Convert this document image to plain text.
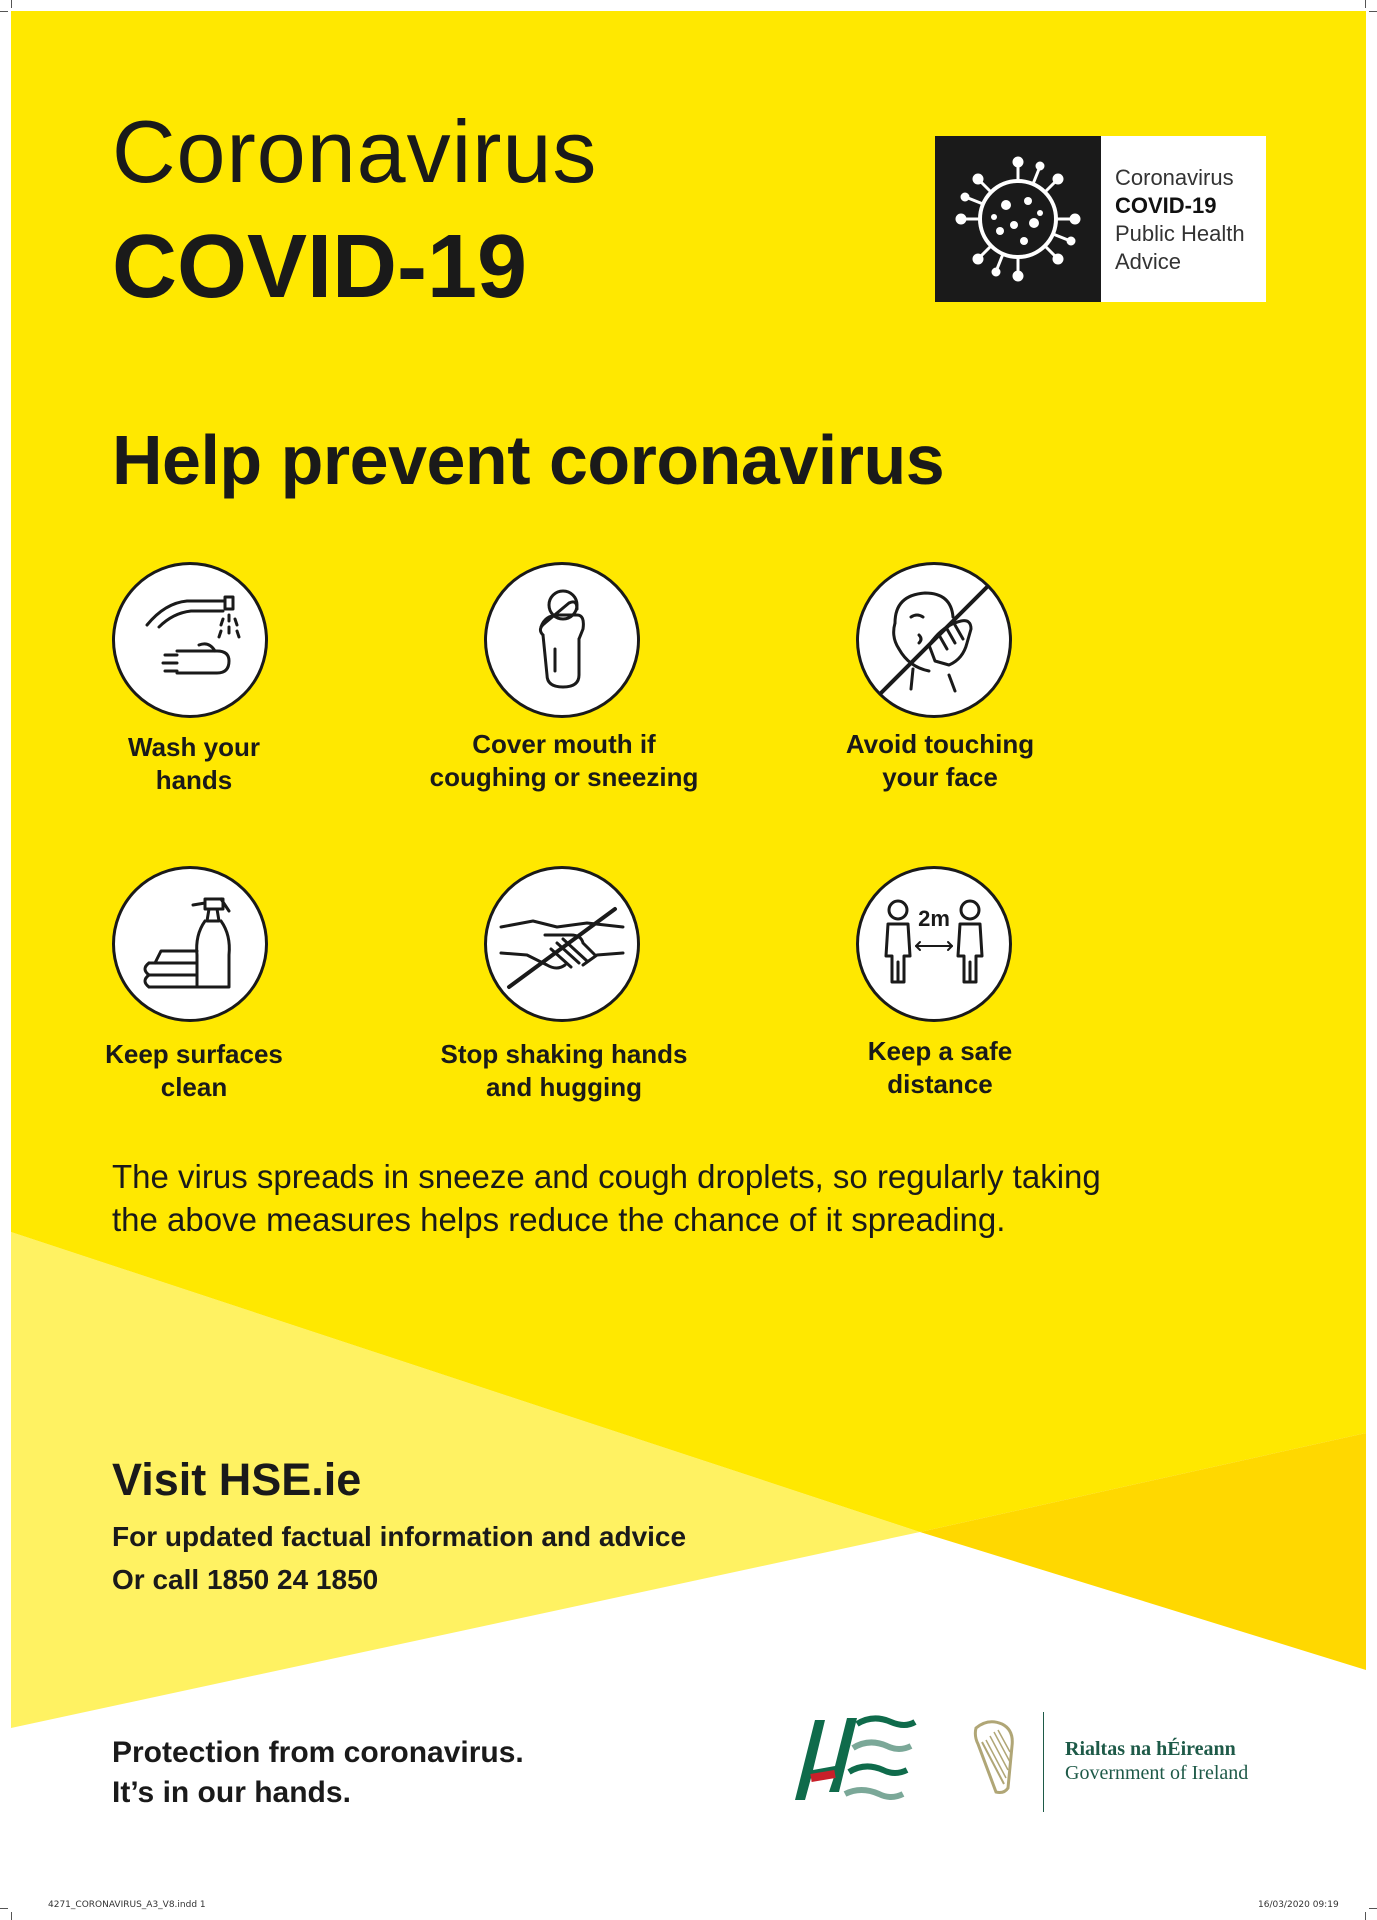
Coronavirus
COVID-19
Coronavirus
COVID-19
Public Health
Advice
Help prevent coronavirus
Wash your
hands
Cover mouth if
coughing or sneezing
Avoid touching
your face
2m
Keep surfaces
clean
Stop shaking hands
and hugging
Keep a safe
distance
The virus spreads in sneeze and cough droplets, so regularly taking
the above measures helps reduce the chance of it spreading.
Visit HSE.ie
For updated factual information and advice
Or call 1850 24 1850
Protection from coronavirus.
It’s in our hands.
Rialtas na hÉireann
Government of Ireland
4271_CORONAVIRUS_A3_V8.indd 1	16/03/2020 09:19
